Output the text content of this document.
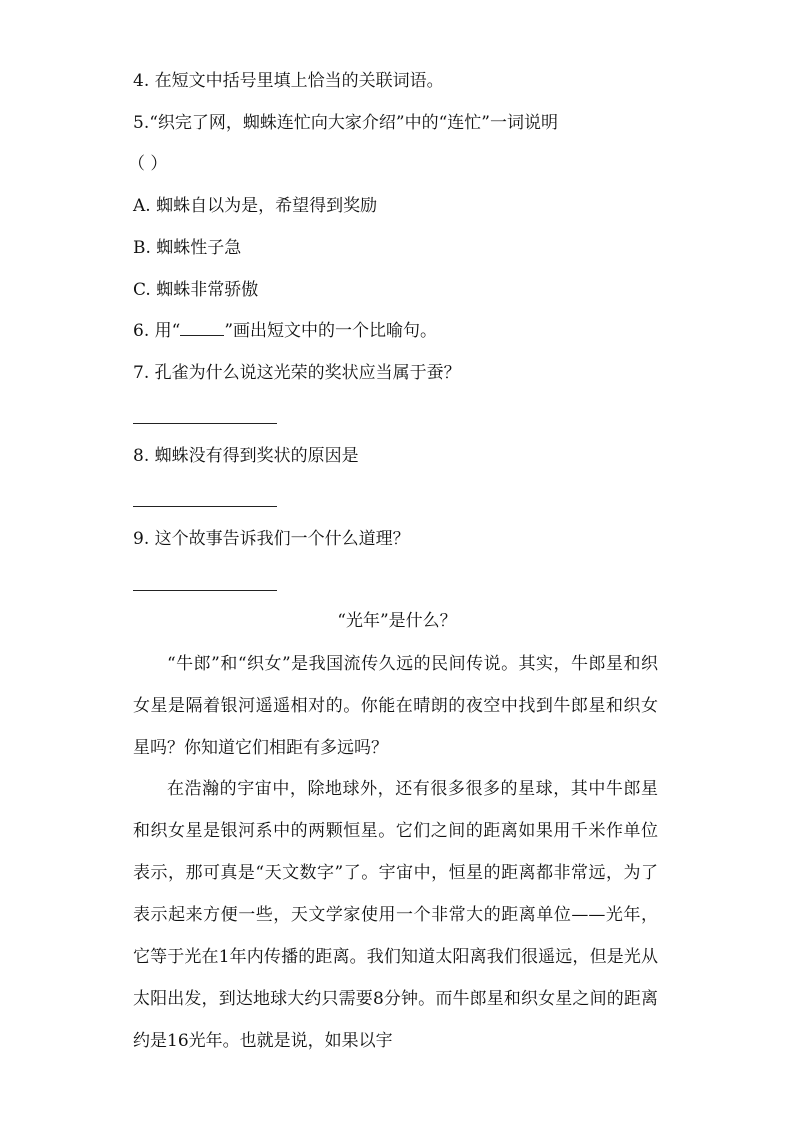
4. 在短文中括号里填上恰当的关联词语。
5.“织完了网，蜘蛛连忙向大家介绍”中的“连忙”一词说明
（ ）
A. 蜘蛛自以为是，希望得到奖励
B. 蜘蛛性子急
C. 蜘蛛非常骄傲
6. 用“	”画出短文中的一个比喻句。
7. 孔雀为什么说这光荣的奖状应当属于蚕？
8. 蜘蛛没有得到奖状的原因是
9. 这个故事告诉我们一个什么道理？
“光年”是什么？
“牛郎”和“织女”是我国流传久远的民间传说。其实，牛郎星和织女星是隔着银河遥遥相对的。你能在晴朗的夜空中找到牛郎星和织女星吗？你知道它们相距有多远吗？
在浩瀚的宇宙中，除地球外，还有很多很多的星球，其中牛郎星和织女星是银河系中的两颗恒星。它们之间的距离如果用千米作单位表示，那可真是“天文数字”了。宇宙中，恒星的距离都非常远，为了表示起来方便一些，天文学家使用一个非常大的距离单位——光年，它等于光在1年内传播的距离。我们知道太阳离我们很遥远，但是光从太阳出发，到达地球大约只需要8分钟。而牛郎星和织女星之间的距离约是16光年。也就是说，如果以宇
